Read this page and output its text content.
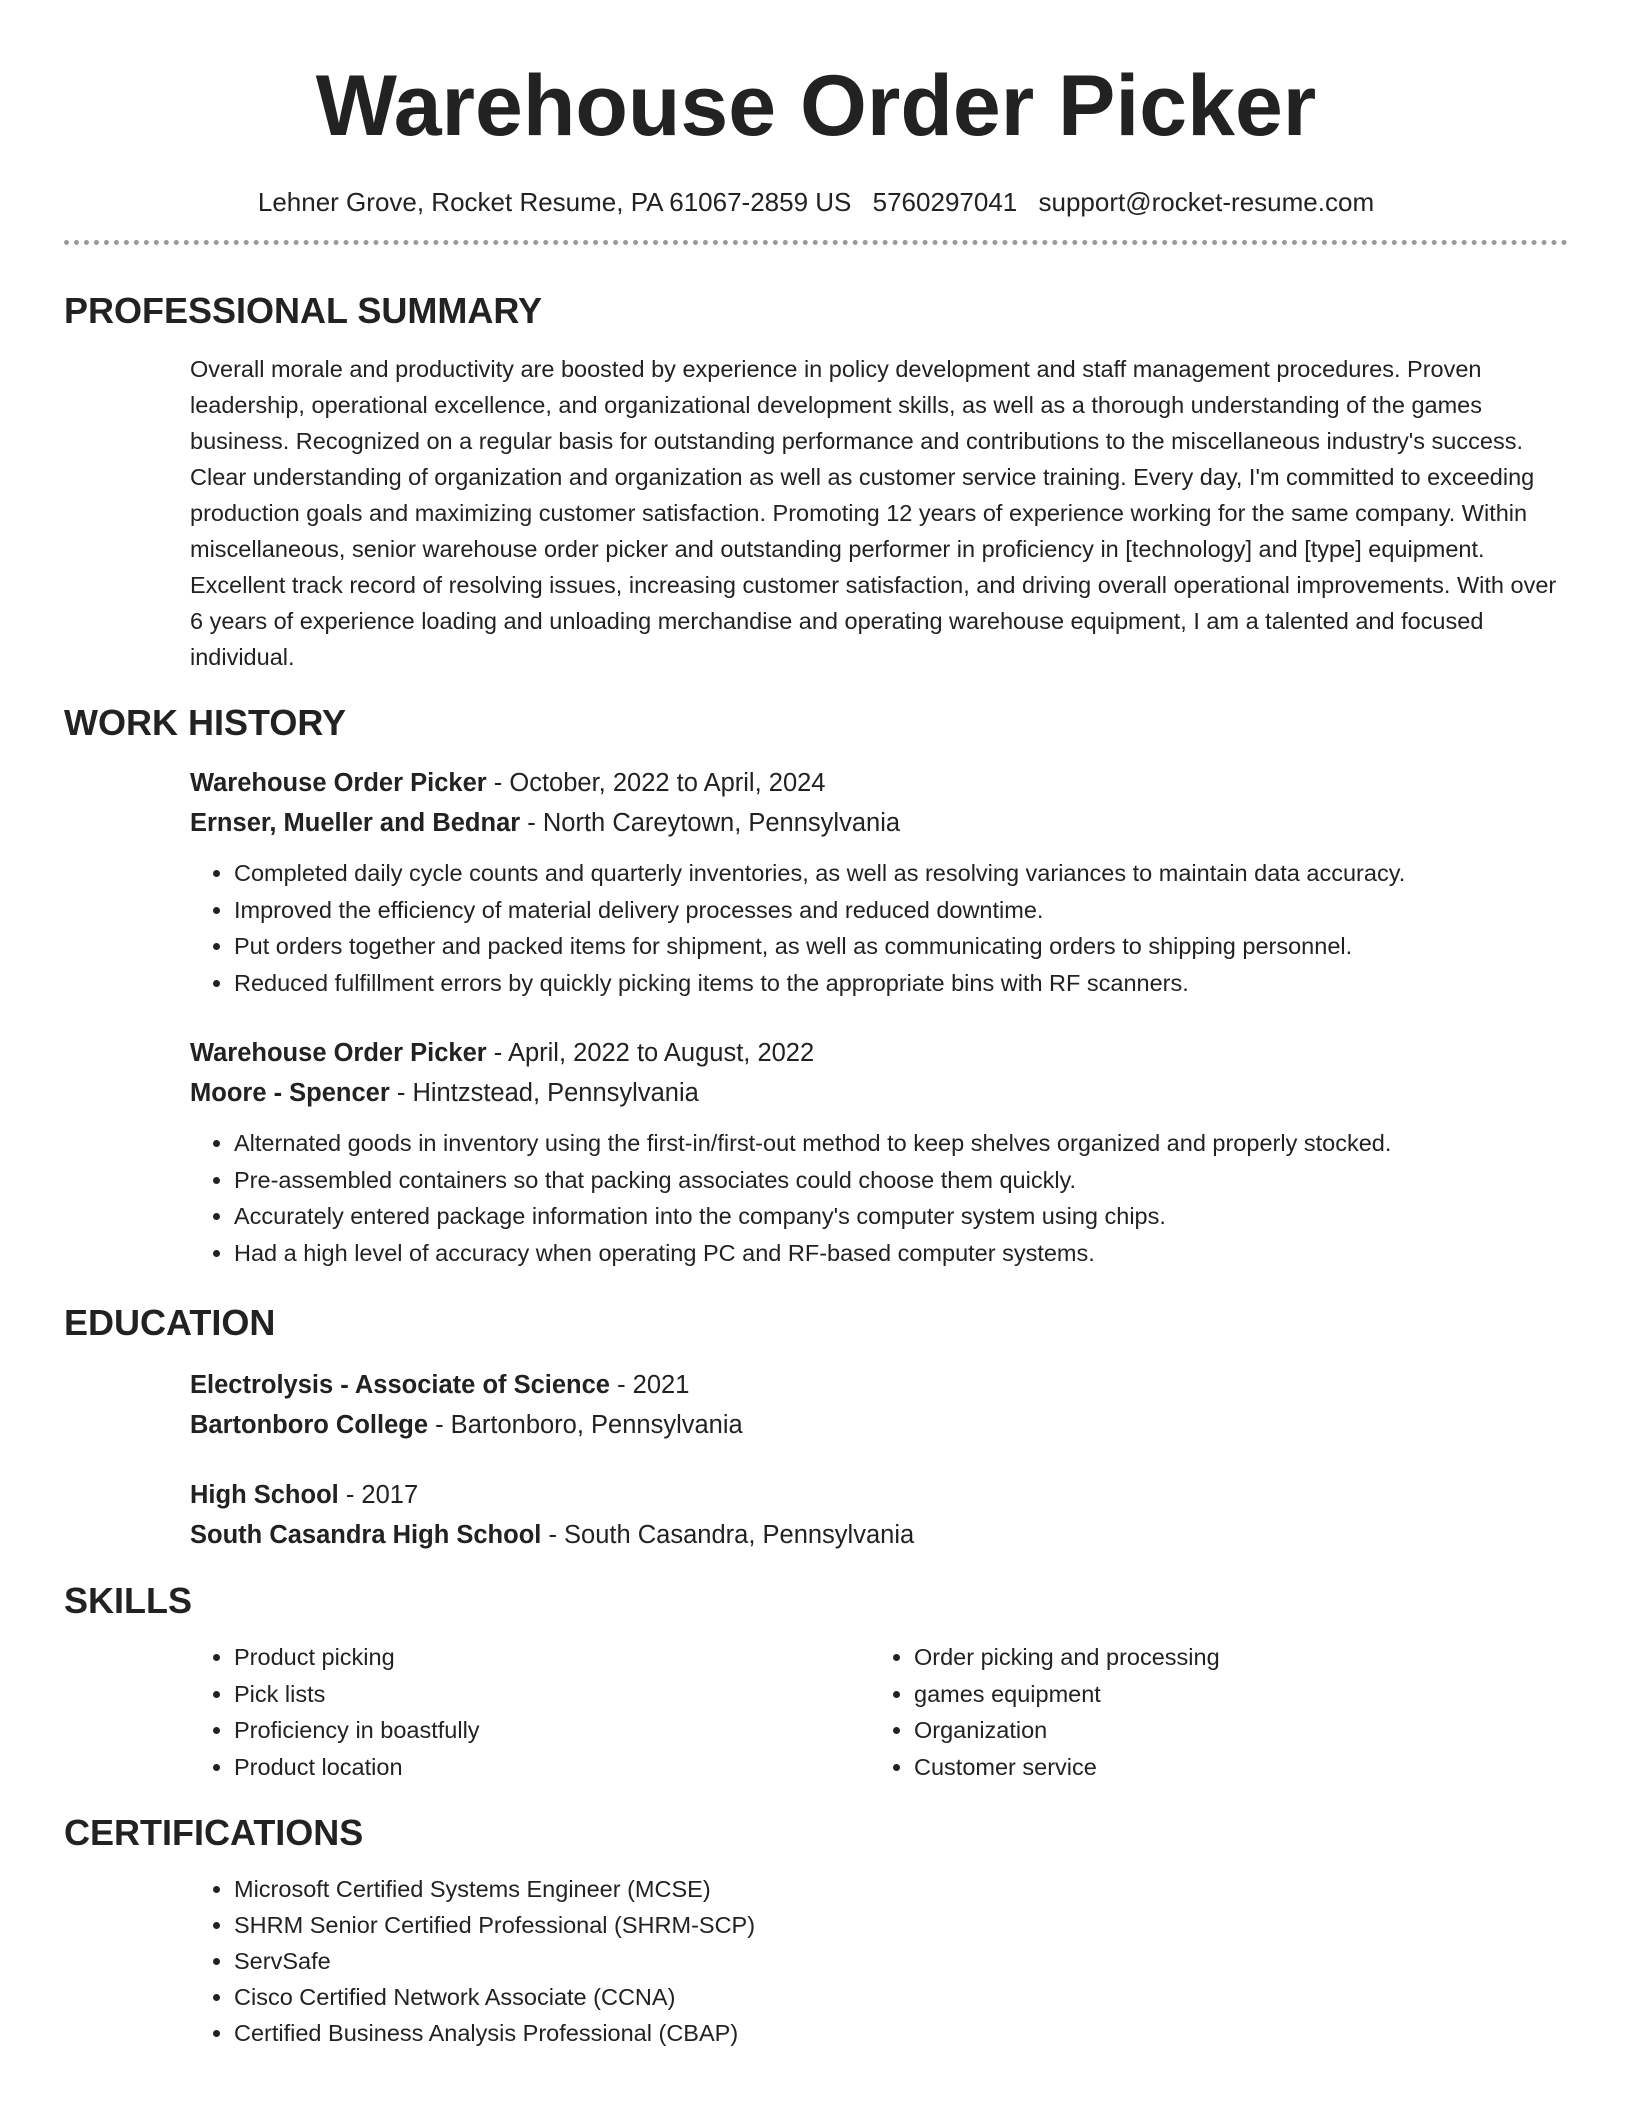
Warehouse Order Picker
Lehner Grove, Rocket Resume, PA 61067-2859 US 5760297041 support@rocket-resume.com
PROFESSIONAL SUMMARY

Overall morale and productivity are boosted by experience in policy development and staff management procedures. Proven leadership, operational excellence, and organizational development skills, as well as a thorough understanding of the games business. Recognized on a regular basis for outstanding performance and contributions to the miscellaneous industry's success. Clear understanding of organization and organization as well as customer service training. Every day, I'm committed to exceeding production goals and maximizing customer satisfaction. Promoting 12 years of experience working for the same company. Within miscellaneous, senior warehouse order picker and outstanding performer in proficiency in [technology] and [type] equipment. Excellent track record of resolving issues, increasing customer satisfaction, and driving overall operational improvements. With over 6 years of experience loading and unloading merchandise and operating warehouse equipment, I am a talented and focused individual.

WORK HISTORY
Warehouse Order Picker - October, 2022 to April, 2024
Ernser, Mueller and Bednar - North Careytown, Pennsylvania
• Completed daily cycle counts and quarterly inventories, as well as resolving variances to maintain data accuracy.
• Improved the efficiency of material delivery processes and reduced downtime.
• Put orders together and packed items for shipment, as well as communicating orders to shipping personnel.
• Reduced fulfillment errors by quickly picking items to the appropriate bins with RF scanners.
Warehouse Order Picker - April, 2022 to August, 2022
Moore - Spencer - Hintzstead, Pennsylvania
• Alternated goods in inventory using the first-in/first-out method to keep shelves organized and properly stocked.
• Pre-assembled containers so that packing associates could choose them quickly.
• Accurately entered package information into the company's computer system using chips.
• Had a high level of accuracy when operating PC and RF-based computer systems.
EDUCATION
Electrolysis - Associate of Science - 2021
Bartonboro College - Bartonboro, Pennsylvania
High School - 2017
South Casandra High School - South Casandra, Pennsylvania
SKILLS
• Product picking
• Pick lists
• Proficiency in boastfully
• Product location
• Order picking and processing
• games equipment
• Organization
• Customer service
CERTIFICATIONS
• Microsoft Certified Systems Engineer (MCSE)
• SHRM Senior Certified Professional (SHRM-SCP)
• ServSafe
• Cisco Certified Network Associate (CCNA)
• Certified Business Analysis Professional (CBAP)
